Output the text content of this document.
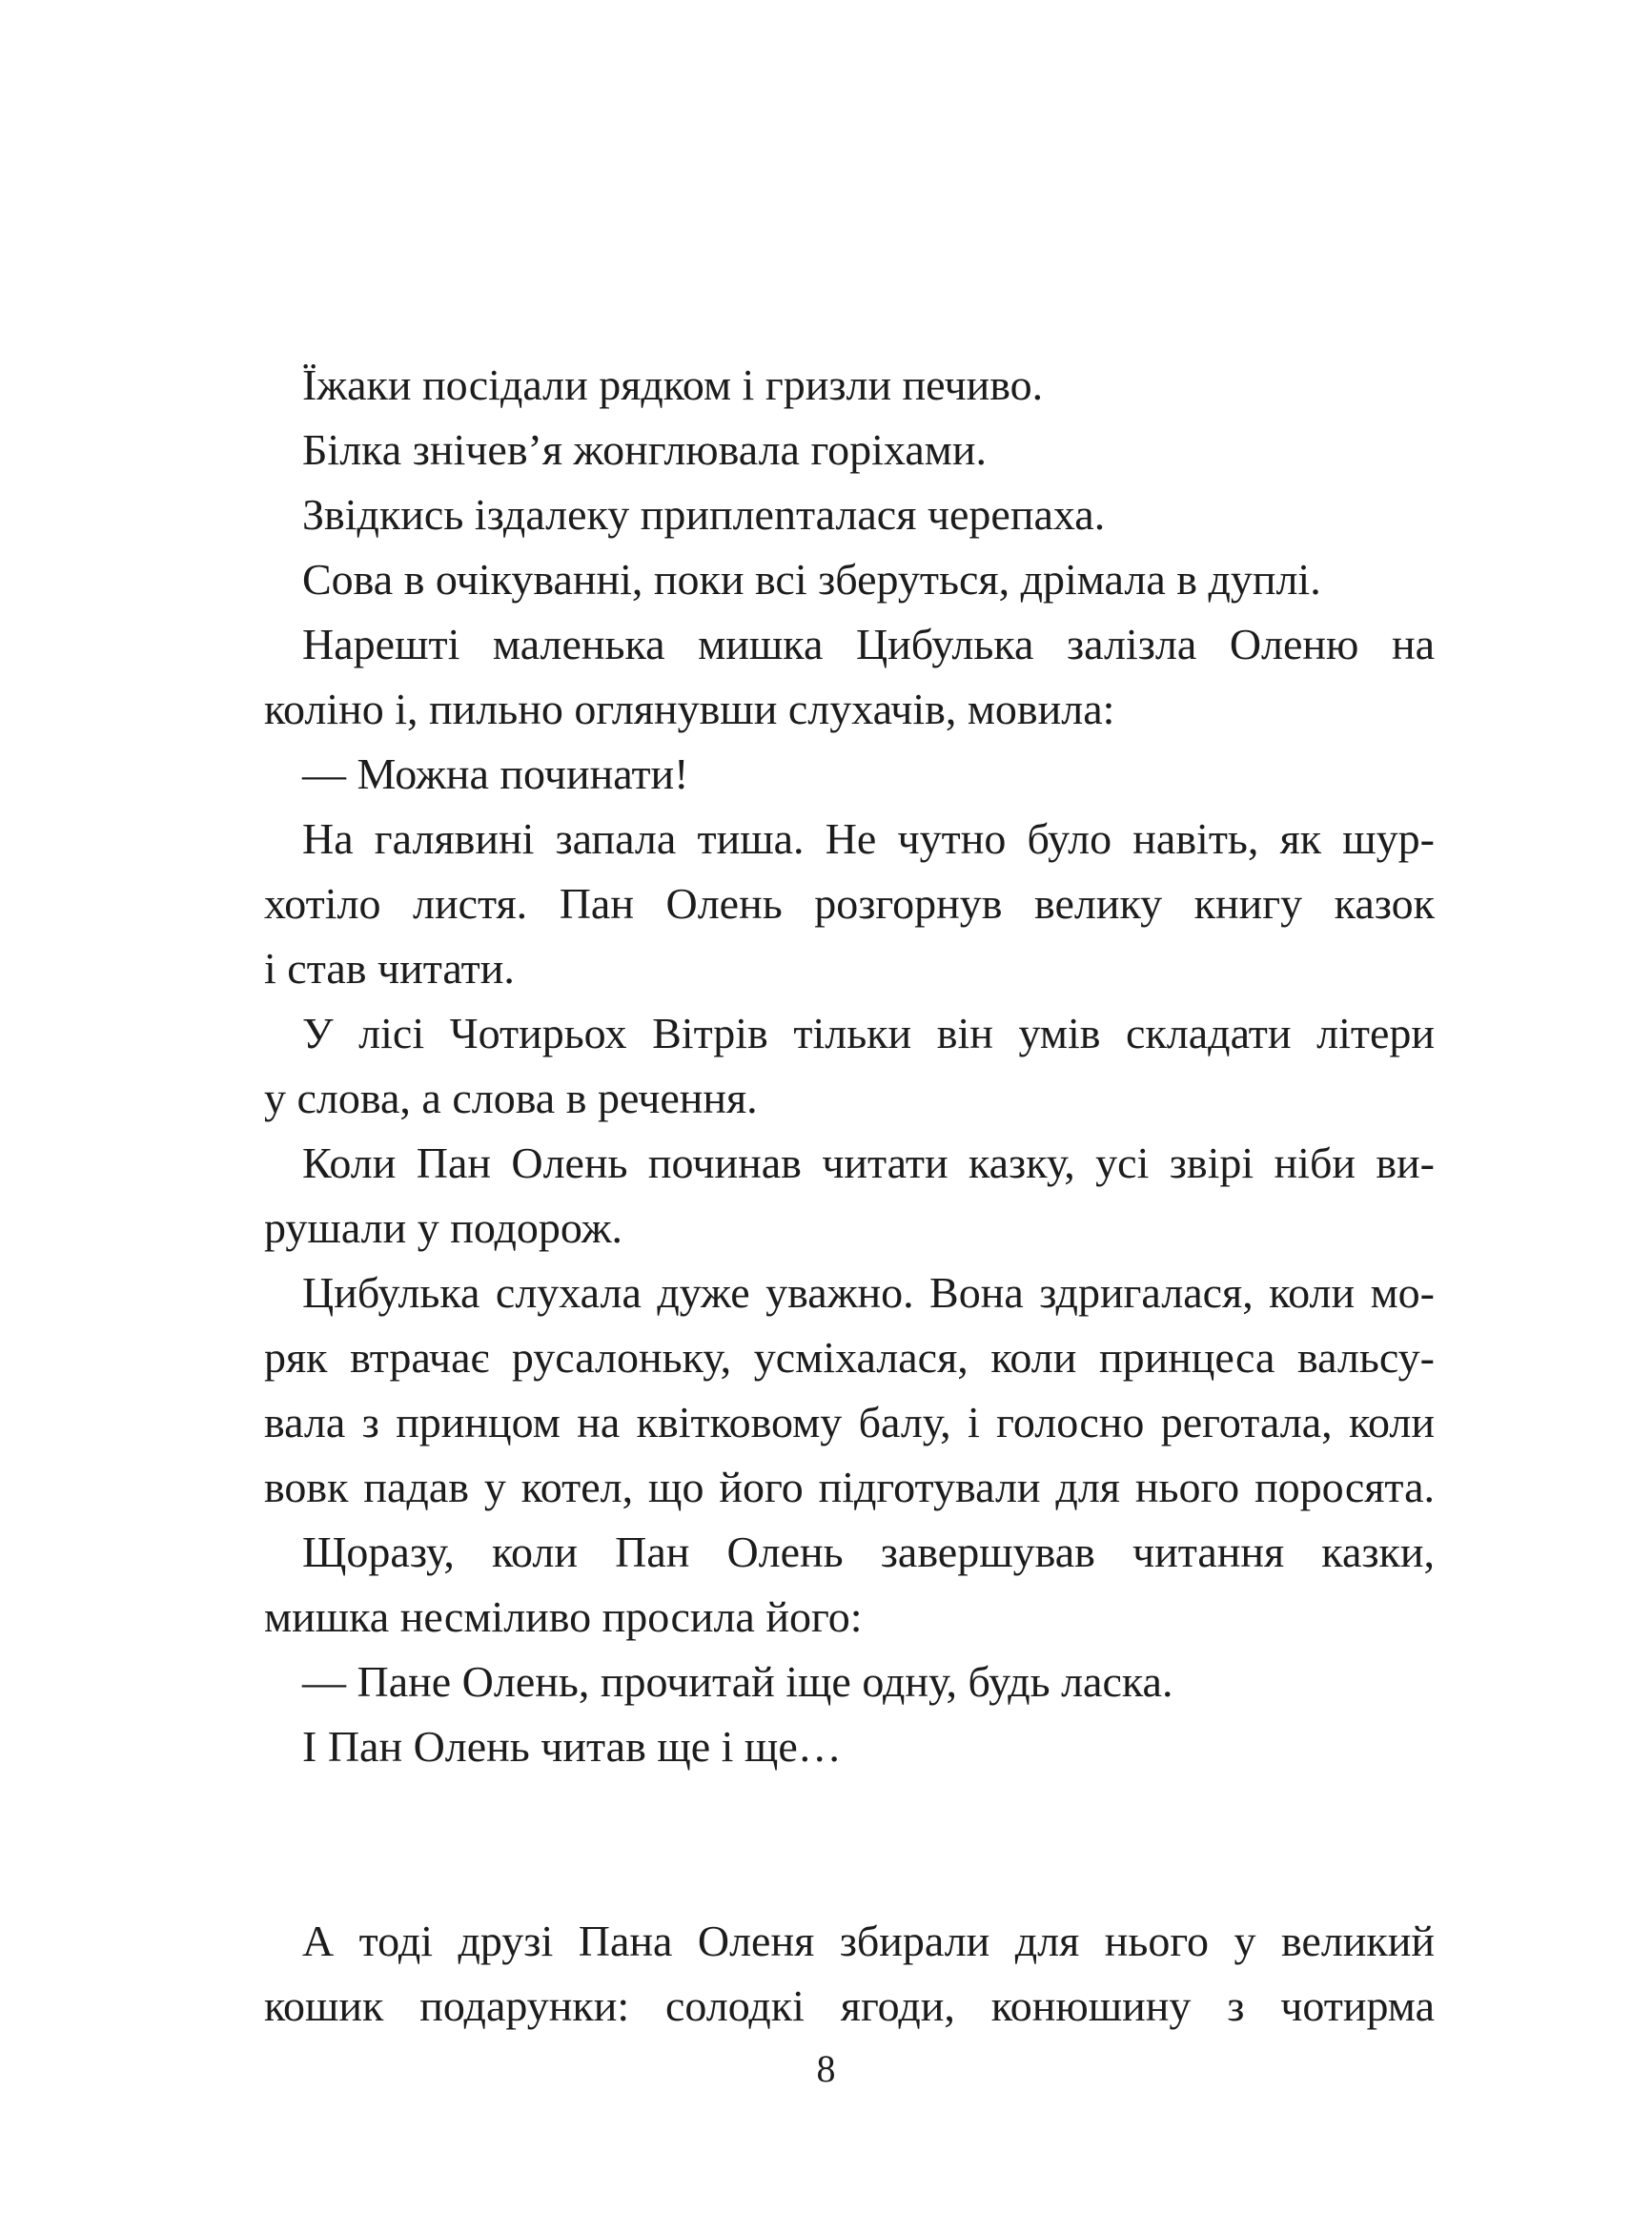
Їжаки посідали рядком і гризли печиво.
Білка знічев’я жонглювала горіхами.
Звідкись іздалеку приплenталася черепаха.
Сова в очікуванні, поки всі зберуться, дрімала в дуплі.
Нарешті маленька мишка Цибулька залізла Оленю на
коліно і, пильно оглянувши слухачів, мовила:
— Можна починати!
На галявині запала тиша. Не чутно було навіть, як шур-
хотіло листя. Пан Олень розгорнув велику книгу казок
і став читати.
У лісі Чотирьох Вітрів тільки він умів складати літери
у слова, а слова в речення.
Коли Пан Олень починав читати казку, усі звірі ніби ви-
рушали у подорож.
Цибулька слухала дуже уважно. Вона здригалася, коли мо-
ряк втрачає русалоньку, усміхалася, коли принцеса вальсу-
вала з принцом на квітковому балу, і голосно реготала, коли
вовк падав у котел, що його підготували для нього поросята.
Щоразу, коли Пан Олень завершував читання казки,
мишка несміливо просила його:
— Пане Олень, прочитай іще одну, будь ласка.
І Пан Олень читав ще і ще…
А тоді друзі Пана Оленя збирали для нього у великий
кошик подарунки: солодкі ягоди, конюшину з чотирма
8
